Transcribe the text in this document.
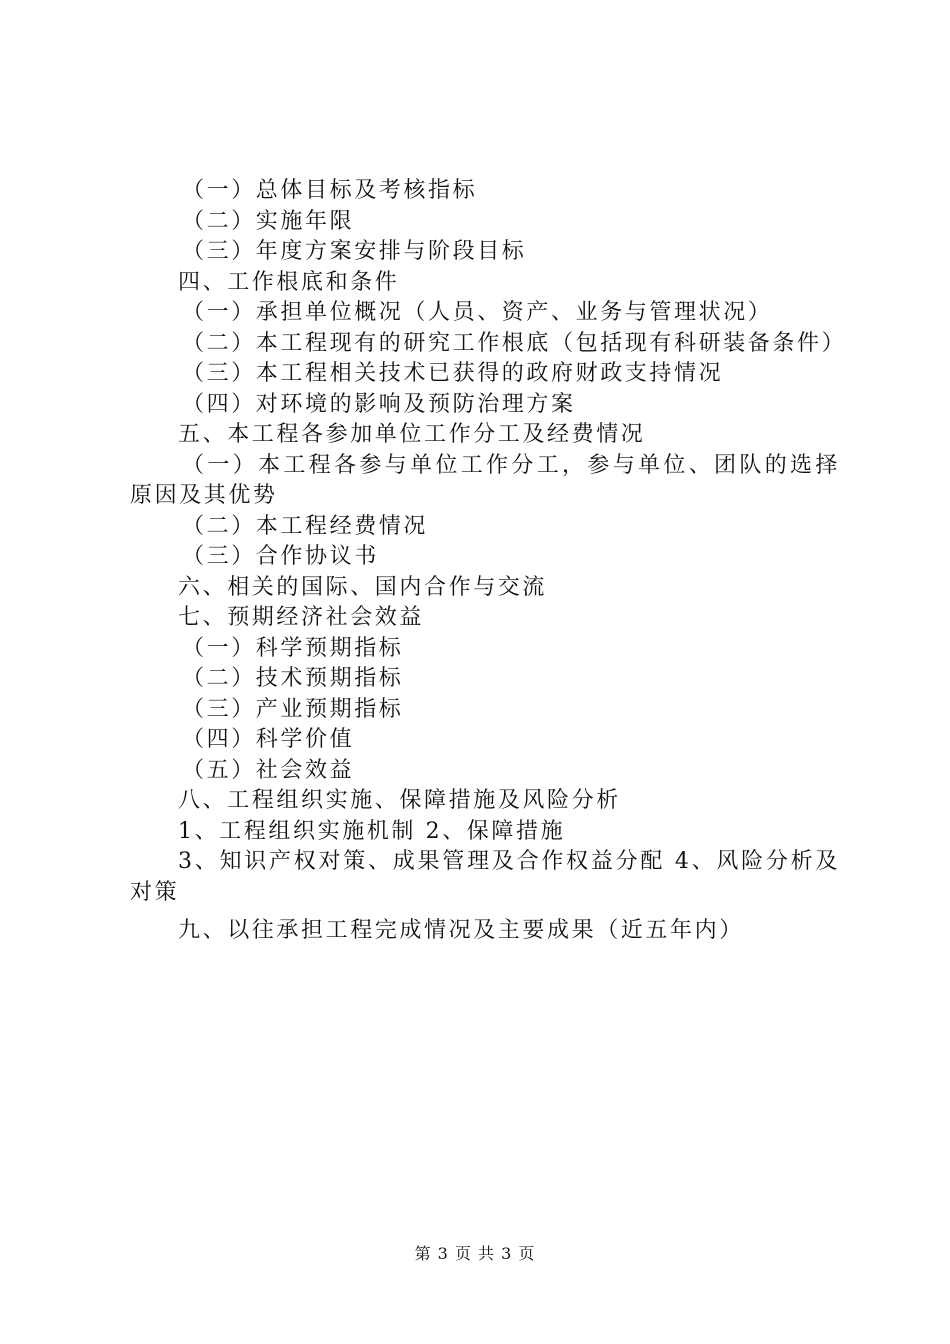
（一）总体目标及考核指标
（二）实施年限
（三）年度方案安排与阶段目标
四、工作根底和条件
（一）承担单位概况（人员、资产、业务与管理状况）
（二）本工程现有的研究工作根底（包括现有科研装备条件）
（三）本工程相关技术已获得的政府财政支持情况
（四）对环境的影响及预防治理方案
五、本工程各参加单位工作分工及经费情况
（一）本工程各参与单位工作分工，参与单位、团队的选择原因及其优势
（二）本工程经费情况
（三）合作协议书
六、相关的国际、国内合作与交流
七、预期经济社会效益
（一）科学预期指标
（二）技术预期指标
（三）产业预期指标
（四）科学价值
（五）社会效益
八、工程组织实施、保障措施及风险分析
1、工程组织实施机制 2、保障措施
3、知识产权对策、成果管理及合作权益分配 4、风险分析及对策
九、以往承担工程完成情况及主要成果（近五年内）
第 3 页 共 3 页
